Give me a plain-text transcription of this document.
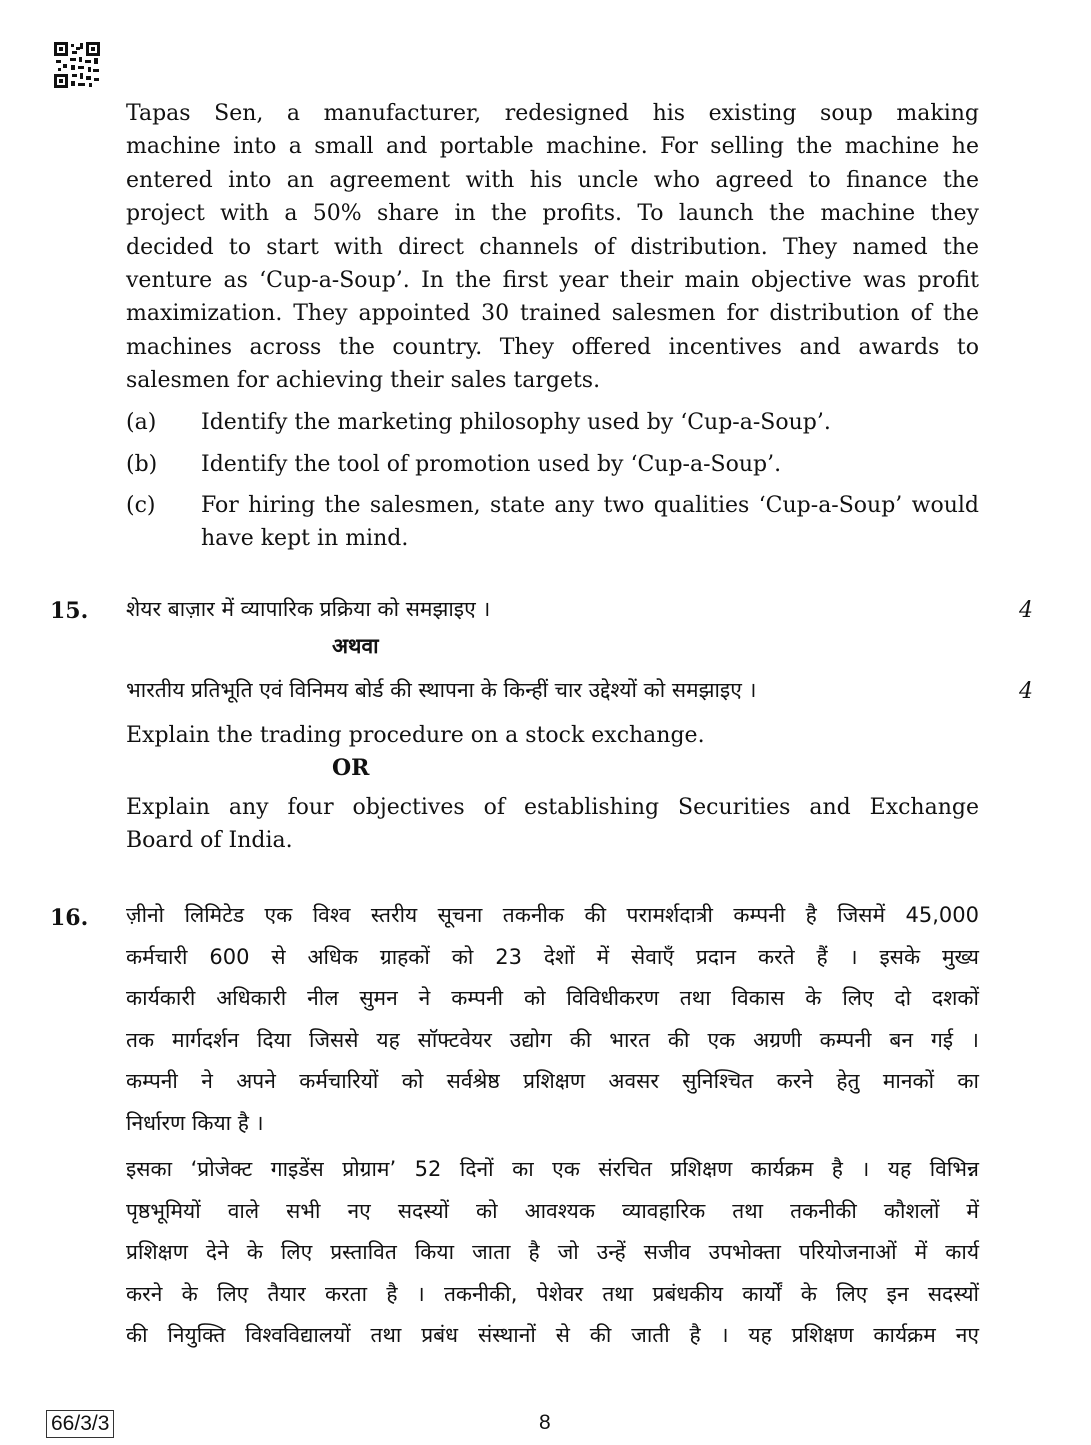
Tapas Sen, a manufacturer, redesigned his existing soup making
machine into a small and portable machine. For selling the machine he
entered into an agreement with his uncle who agreed to finance the
project with a 50% share in the profits. To launch the machine they
decided to start with direct channels of distribution. They named the
venture as ‘Cup-a-Soup’. In the first year their main objective was profit
maximization. They appointed 30 trained salesmen for distribution of the
machines across the country. They offered incentives and awards to
salesmen for achieving their sales targets.
(a)	Identify the marketing philosophy used by ‘Cup-a-Soup’.
(b)	Identify the tool of promotion used by ‘Cup-a-Soup’.
(c)	For hiring the salesmen, state any two qualities ‘Cup-a-Soup’ would have kept in mind.
15. शेयर बाज़ार में व्यापारिक प्रक्रिया को समझाइए ।	4
अथवा
भारतीय प्रतिभूति एवं विनिमय बोर्ड की स्थापना के किन्हीं चार उद्देश्यों को समझाइए ।	4
Explain the trading procedure on a stock exchange.
OR
Explain any four objectives of establishing Securities and Exchange
Board of India.
16. ज़ीनो लिमिटेड एक विश्व स्तरीय सूचना तकनीक की परामर्शदात्री कम्पनी है जिसमें 45,000
कर्मचारी 600 से अधिक ग्राहकों को 23 देशों में सेवाएँ प्रदान करते हैं । इसके मुख्य
कार्यकारी अधिकारी नील सुमन ने कम्पनी को विविधीकरण तथा विकास के लिए दो दशकों
तक मार्गदर्शन दिया जिससे यह सॉफ्टवेयर उद्योग की भारत की एक अग्रणी कम्पनी बन गई ।
कम्पनी ने अपने कर्मचारियों को सर्वश्रेष्ठ प्रशिक्षण अवसर सुनिश्चित करने हेतु मानकों का
निर्धारण किया है ।
इसका ‘प्रोजेक्ट गाइडेंस प्रोग्राम’ 52 दिनों का एक संरचित प्रशिक्षण कार्यक्रम है । यह विभिन्न
पृष्ठभूमियों वाले सभी नए सदस्यों को आवश्यक व्यावहारिक तथा तकनीकी कौशलों में
प्रशिक्षण देने के लिए प्रस्तावित किया जाता है जो उन्हें सजीव उपभोक्ता परियोजनाओं में कार्य
करने के लिए तैयार करता है । तकनीकी, पेशेवर तथा प्रबंधकीय कार्यों के लिए इन सदस्यों
की नियुक्ति विश्वविद्यालयों तथा प्रबंध संस्थानों से की जाती है । यह प्रशिक्षण कार्यक्रम नए
66/3/3	8
